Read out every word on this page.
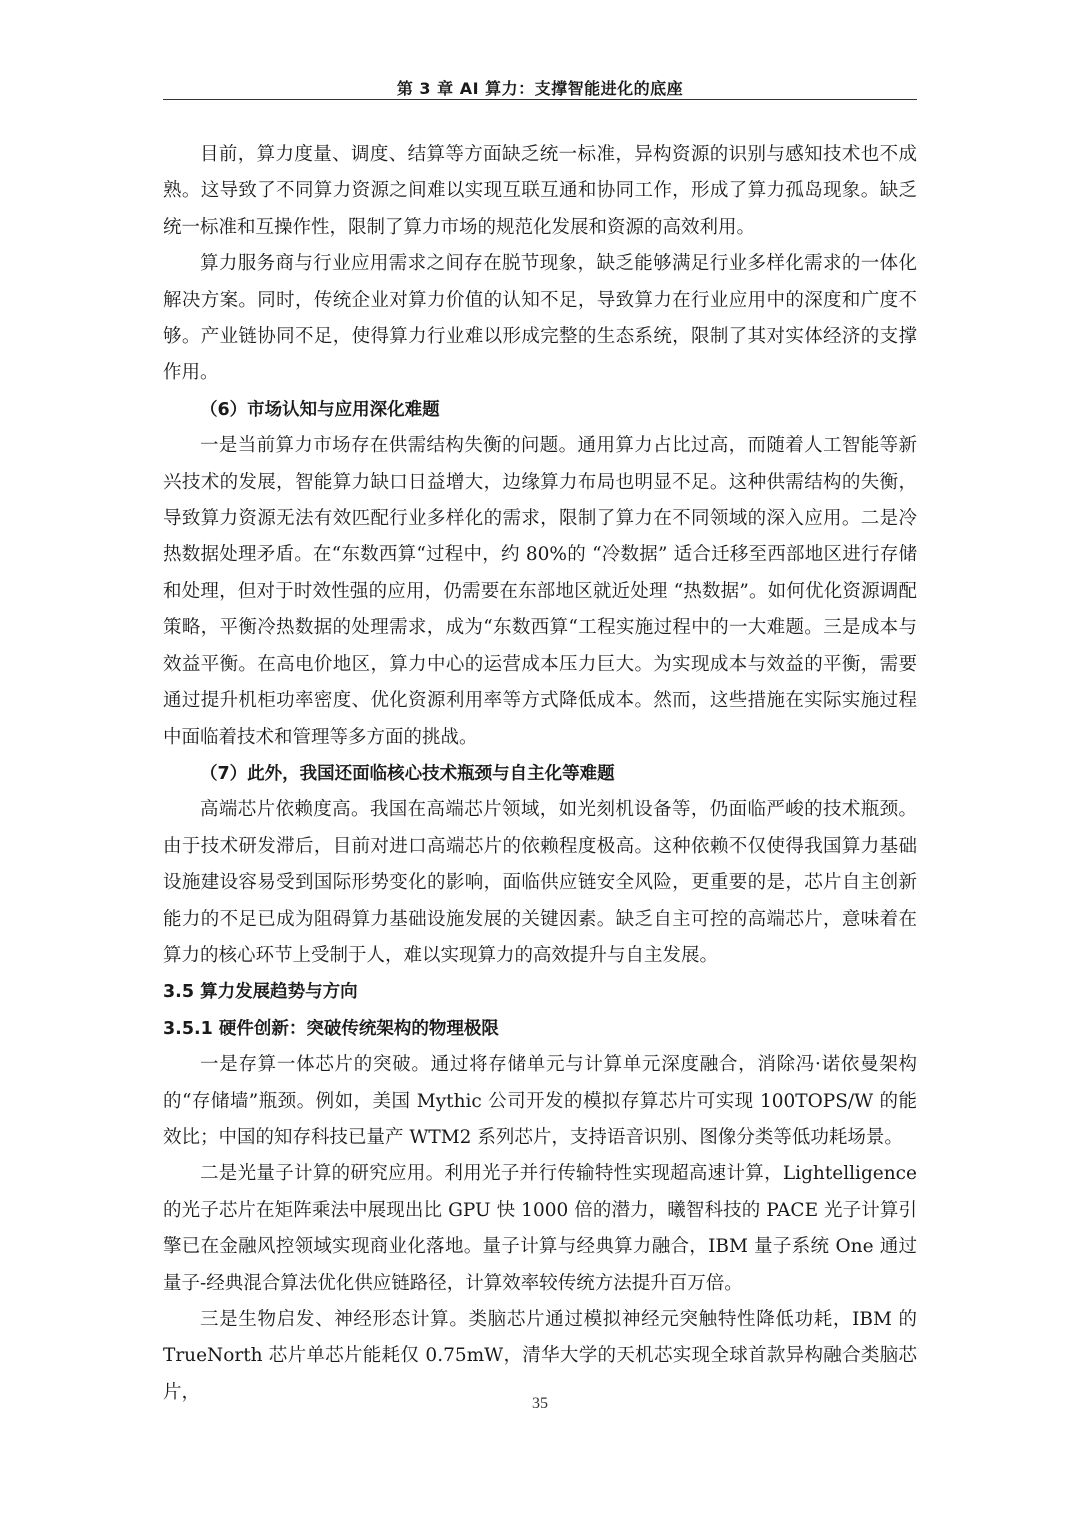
第 3 章 AI 算力：支撑智能进化的底座

目前，算力度量、调度、结算等方面缺乏统一标准，异构资源的识别与感知技术也不成熟。这导致了不同算力资源之间难以实现互联互通和协同工作，形成了算力孤岛现象。缺乏统一标准和互操作性，限制了算力市场的规范化发展和资源的高效利用。

算力服务商与行业应用需求之间存在脱节现象，缺乏能够满足行业多样化需求的一体化解决方案。同时，传统企业对算力价值的认知不足，导致算力在行业应用中的深度和广度不够。产业链协同不足，使得算力行业难以形成完整的生态系统，限制了其对实体经济的支撑作用。

（6）市场认知与应用深化难题

一是当前算力市场存在供需结构失衡的问题。通用算力占比过高，而随着人工智能等新兴技术的发展，智能算力缺口日益增大，边缘算力布局也明显不足。这种供需结构的失衡，导致算力资源无法有效匹配行业多样化的需求，限制了算力在不同领域的深入应用。二是冷热数据处理矛盾。在“东数西算“过程中，约 80%的 “冷数据” 适合迁移至西部地区进行存储和处理，但对于时效性强的应用，仍需要在东部地区就近处理 “热数据”。如何优化资源调配策略，平衡冷热数据的处理需求，成为“东数西算“工程实施过程中的一大难题。三是成本与效益平衡。在高电价地区，算力中心的运营成本压力巨大。为实现成本与效益的平衡，需要通过提升机柜功率密度、优化资源利用率等方式降低成本。然而，这些措施在实际实施过程中面临着技术和管理等多方面的挑战。

（7）此外，我国还面临核心技术瓶颈与自主化等难题

高端芯片依赖度高。我国在高端芯片领域，如光刻机设备等，仍面临严峻的技术瓶颈。由于技术研发滞后，目前对进口高端芯片的依赖程度极高。这种依赖不仅使得我国算力基础设施建设容易受到国际形势变化的影响，面临供应链安全风险，更重要的是，芯片自主创新能力的不足已成为阻碍算力基础设施发展的关键因素。缺乏自主可控的高端芯片，意味着在算力的核心环节上受制于人，难以实现算力的高效提升与自主发展。

3.5 算力发展趋势与方向

3.5.1 硬件创新：突破传统架构的物理极限

一是存算一体芯片的突破。通过将存储单元与计算单元深度融合，消除冯·诺依曼架构的“存储墙”瓶颈。例如，美国 Mythic 公司开发的模拟存算芯片可实现 100TOPS/W 的能效比；中国的知存科技已量产 WTM2 系列芯片，支持语音识别、图像分类等低功耗场景。

二是光量子计算的研究应用。利用光子并行传输特性实现超高速计算，Lightelligence 的光子芯片在矩阵乘法中展现出比 GPU 快 1000 倍的潜力，曦智科技的 PACE 光子计算引擎已在金融风控领域实现商业化落地。量子计算与经典算力融合，IBM 量子系统 One 通过量子-经典混合算法优化供应链路径，计算效率较传统方法提升百万倍。

三是生物启发、神经形态计算。类脑芯片通过模拟神经元突触特性降低功耗，IBM 的 TrueNorth 芯片单芯片能耗仅 0.75mW，清华大学的天机芯实现全球首款异构融合类脑芯片，

35
